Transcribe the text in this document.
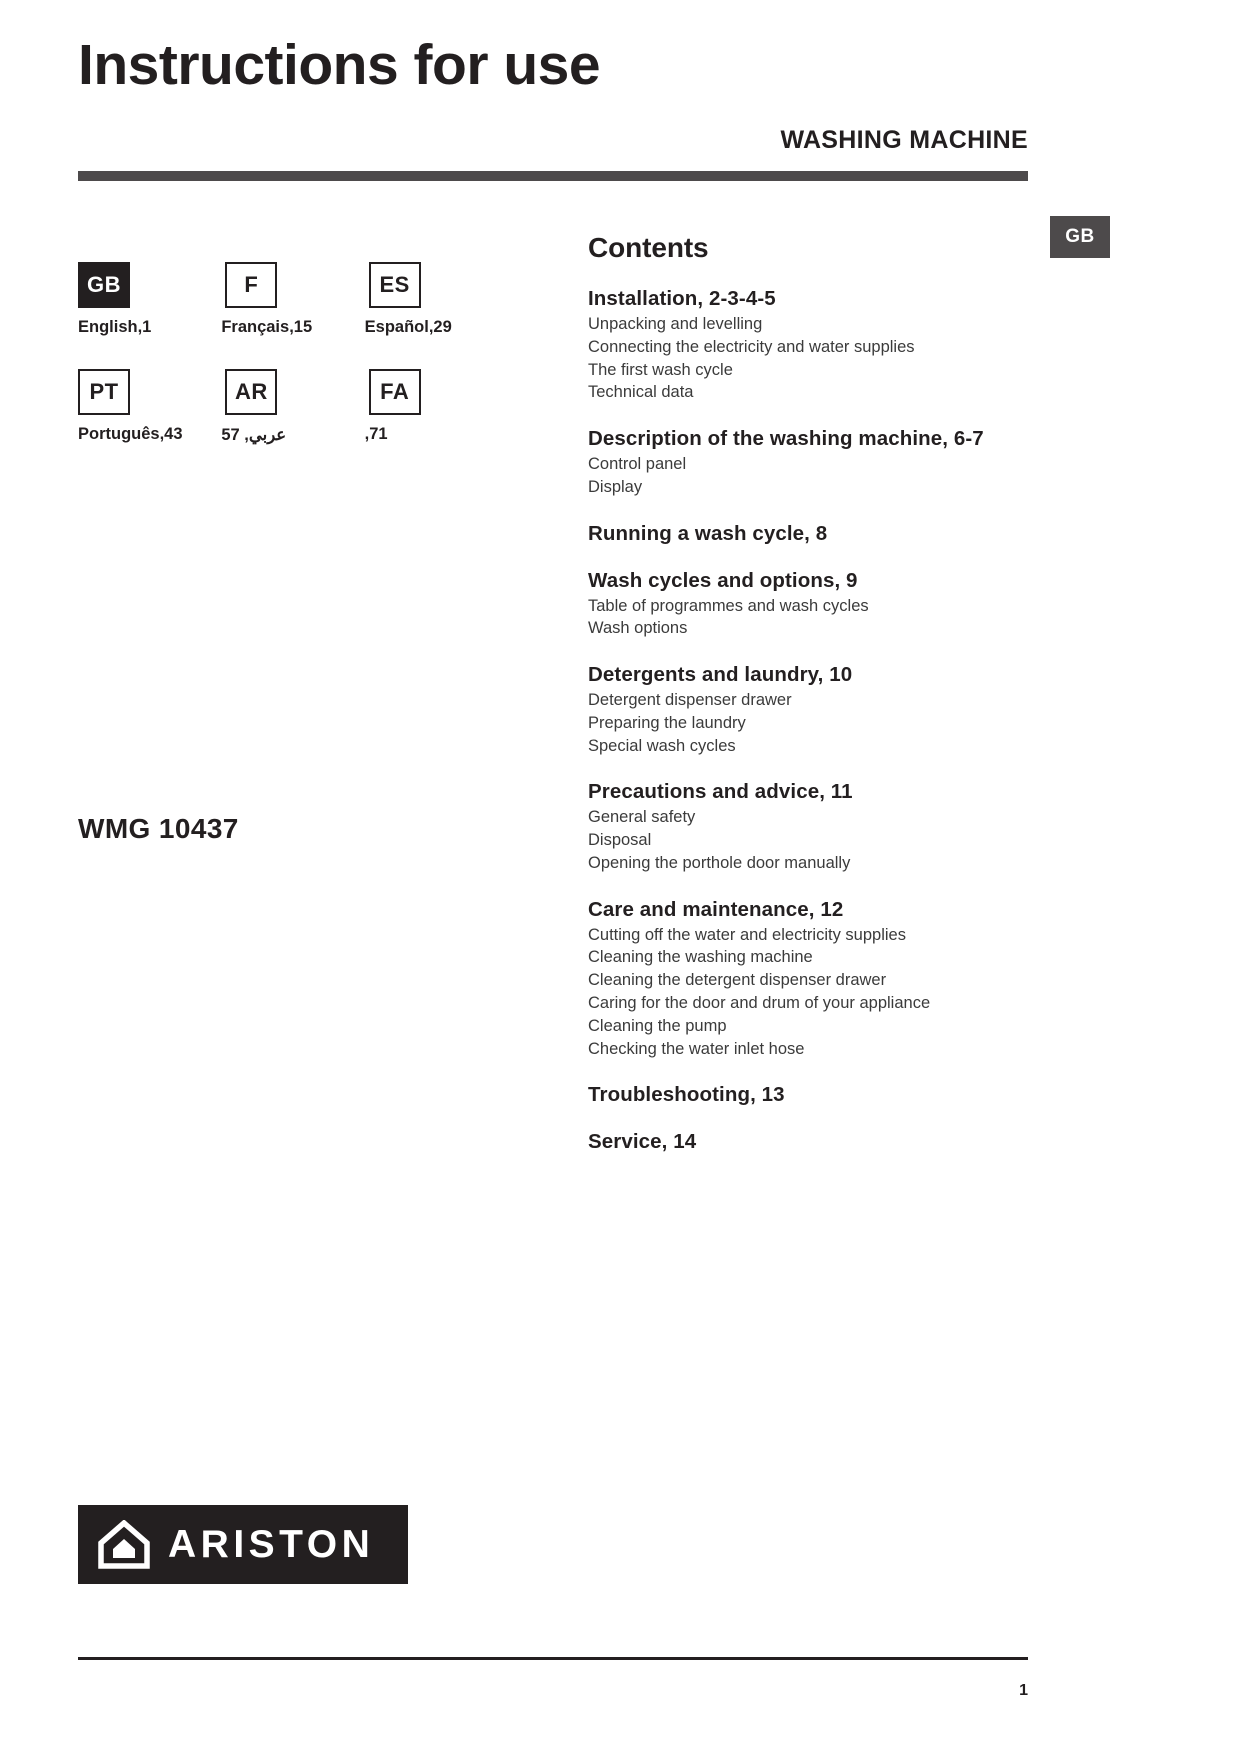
Instructions for use
WASHING MACHINE
GB
GB
English,1
F
Français,15
ES
Español,29
PT
Português,43
AR
عربي, 57
FA
,71
WMG 10437
Contents
Installation, 2-3-4-5
Unpacking and levelling
Connecting the electricity and water supplies
The first wash cycle
Technical data
Description of the washing machine, 6-7
Control panel
Display
Running a wash cycle, 8
Wash cycles and options, 9
Table of programmes and wash cycles
Wash options
Detergents and laundry, 10
Detergent dispenser drawer
Preparing the laundry
Special wash cycles
Precautions and advice, 11
General safety
Disposal
Opening the porthole door manually
Care and maintenance, 12
Cutting off the water and electricity supplies
Cleaning the washing machine
Cleaning the detergent dispenser drawer
Caring for the door and drum of your appliance
Cleaning the pump
Checking the water inlet hose
Troubleshooting, 13
Service, 14
ARISTON
1
